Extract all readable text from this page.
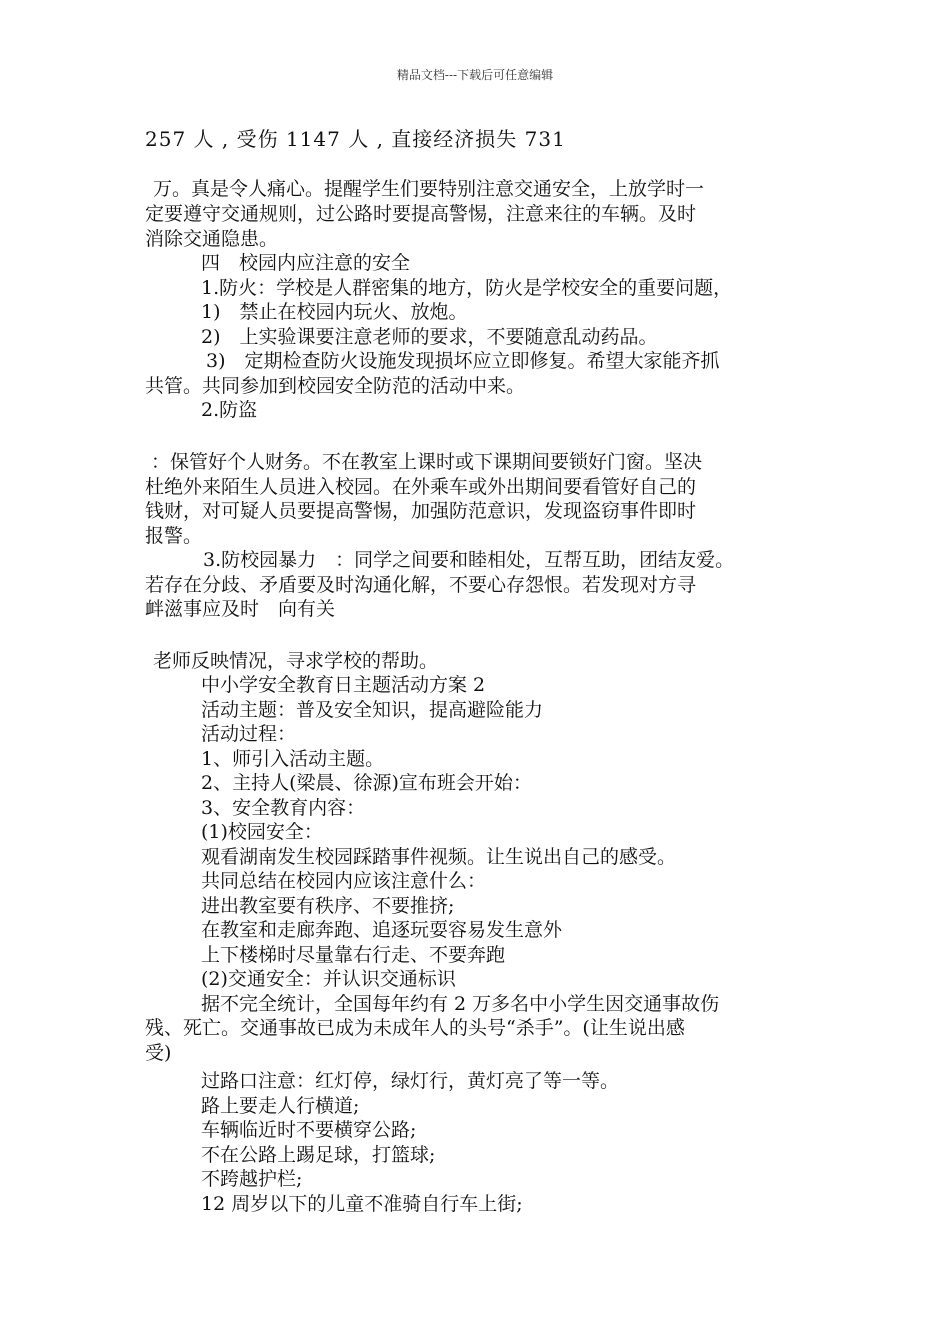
精品文档---下载后可任意编辑
257 人 , 受伤 1147 人 , 直接经济损失 731
万。真是令人痛心。提醒学生们要特别注意交通安全，上放学时一
定要遵守交通规则，过公路时要提高警惕，注意来往的车辆。及时
消除交通隐患。
四　校园内应注意的安全
1.防火：学校是人群密集的地方，防火是学校安全的重要问题，
1)　禁止在校园内玩火、放炮。
2)　上实验课要注意老师的要求，不要随意乱动药品。
3)　定期检查防火设施发现损坏应立即修复。希望大家能齐抓
共管。共同参加到校园安全防范的活动中来。
2.防盗
：保管好个人财务。不在教室上课时或下课期间要锁好门窗。坚决
杜绝外来陌生人员进入校园。在外乘车或外出期间要看管好自己的
钱财，对可疑人员要提高警惕，加强防范意识，发现盗窃事件即时
报警。
3.防校园暴力　：同学之间要和睦相处，互帮互助，团结友爱。
若存在分歧、矛盾要及时沟通化解，不要心存怨恨。若发现对方寻
衅滋事应及时　向有关
老师反映情况，寻求学校的帮助。
中小学安全教育日主题活动方案 2
活动主题：普及安全知识，提高避险能力
活动过程：
1、师引入活动主题。
2、主持人(梁晨、徐源)宣布班会开始：
3、安全教育内容：
(1)校园安全：
观看湖南发生校园踩踏事件视频。让生说出自己的感受。
共同总结在校园内应该注意什么：
进出教室要有秩序、不要推挤;
在教室和走廊奔跑、追逐玩耍容易发生意外
上下楼梯时尽量靠右行走、不要奔跑
(2)交通安全：并认识交通标识
据不完全统计，全国每年约有 2 万多名中小学生因交通事故伤
残、死亡。交通事故已成为未成年人的头号“杀手”。(让生说出感
受)
过路口注意：红灯停，绿灯行，黄灯亮了等一等。
路上要走人行横道;
车辆临近时不要横穿公路;
不在公路上踢足球，打篮球;
不跨越护栏;
12 周岁以下的儿童不准骑自行车上街;
